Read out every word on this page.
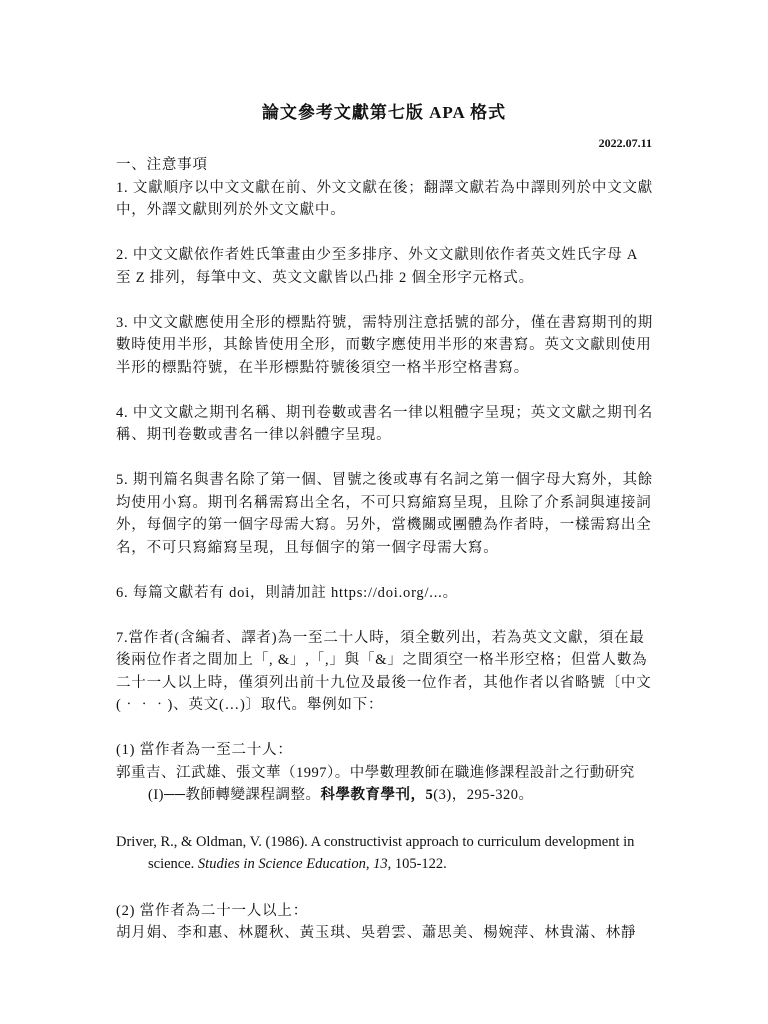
論文參考文獻第七版 APA 格式
2022.07.11

一、注意事項

1. 文獻順序以中文文獻在前、外文文獻在後；翻譯文獻若為中譯則列於中文文獻中，外譯文獻則列於外文文獻中。

2. 中文文獻依作者姓氏筆畫由少至多排序、外文文獻則依作者英文姓氏字母 A 至 Z 排列，每筆中文、英文文獻皆以凸排 2 個全形字元格式。

3. 中文文獻應使用全形的標點符號，需特別注意括號的部分，僅在書寫期刊的期數時使用半形，其餘皆使用全形，而數字應使用半形的來書寫。英文文獻則使用半形的標點符號，在半形標點符號後須空一格半形空格書寫。

4. 中文文獻之期刊名稱、期刊卷數或書名一律以粗體字呈現；英文文獻之期刊名稱、期刊卷數或書名一律以斜體字呈現。

5. 期刊篇名與書名除了第一個、冒號之後或專有名詞之第一個字母大寫外，其餘均使用小寫。期刊名稱需寫出全名，不可只寫縮寫呈現，且除了介系詞與連接詞外，每個字的第一個字母需大寫。另外，當機關或團體為作者時，一樣需寫出全名，不可只寫縮寫呈現，且每個字的第一個字母需大寫。

6. 每篇文獻若有 doi，則請加註 https://doi.org/...。

7.當作者(含編者、譯者)為一至二十人時，須全數列出，若為英文文獻，須在最後兩位作者之間加上「, &」,「,」與「&」之間須空一格半形空格；但當人數為二十一人以上時，僅須列出前十九位及最後一位作者，其他作者以省略號〔中文(‧‧‧)、英文(…)〕取代。舉例如下：

(1) 當作者為一至二十人：

郭重吉、江武雄、張文華（1997）。中學數理教師在職進修課程設計之行動研究(I)──教師轉變課程調整。科學教育學刊，5(3)，295-320。

Driver, R., & Oldman, V. (1986). A constructivist approach to curriculum development in science. Studies in Science Education, 13, 105-122.

(2) 當作者為二十一人以上：

胡月娟、李和惠、林麗秋、黃玉琪、吳碧雲、蕭思美、楊婉萍、林貴滿、林靜
